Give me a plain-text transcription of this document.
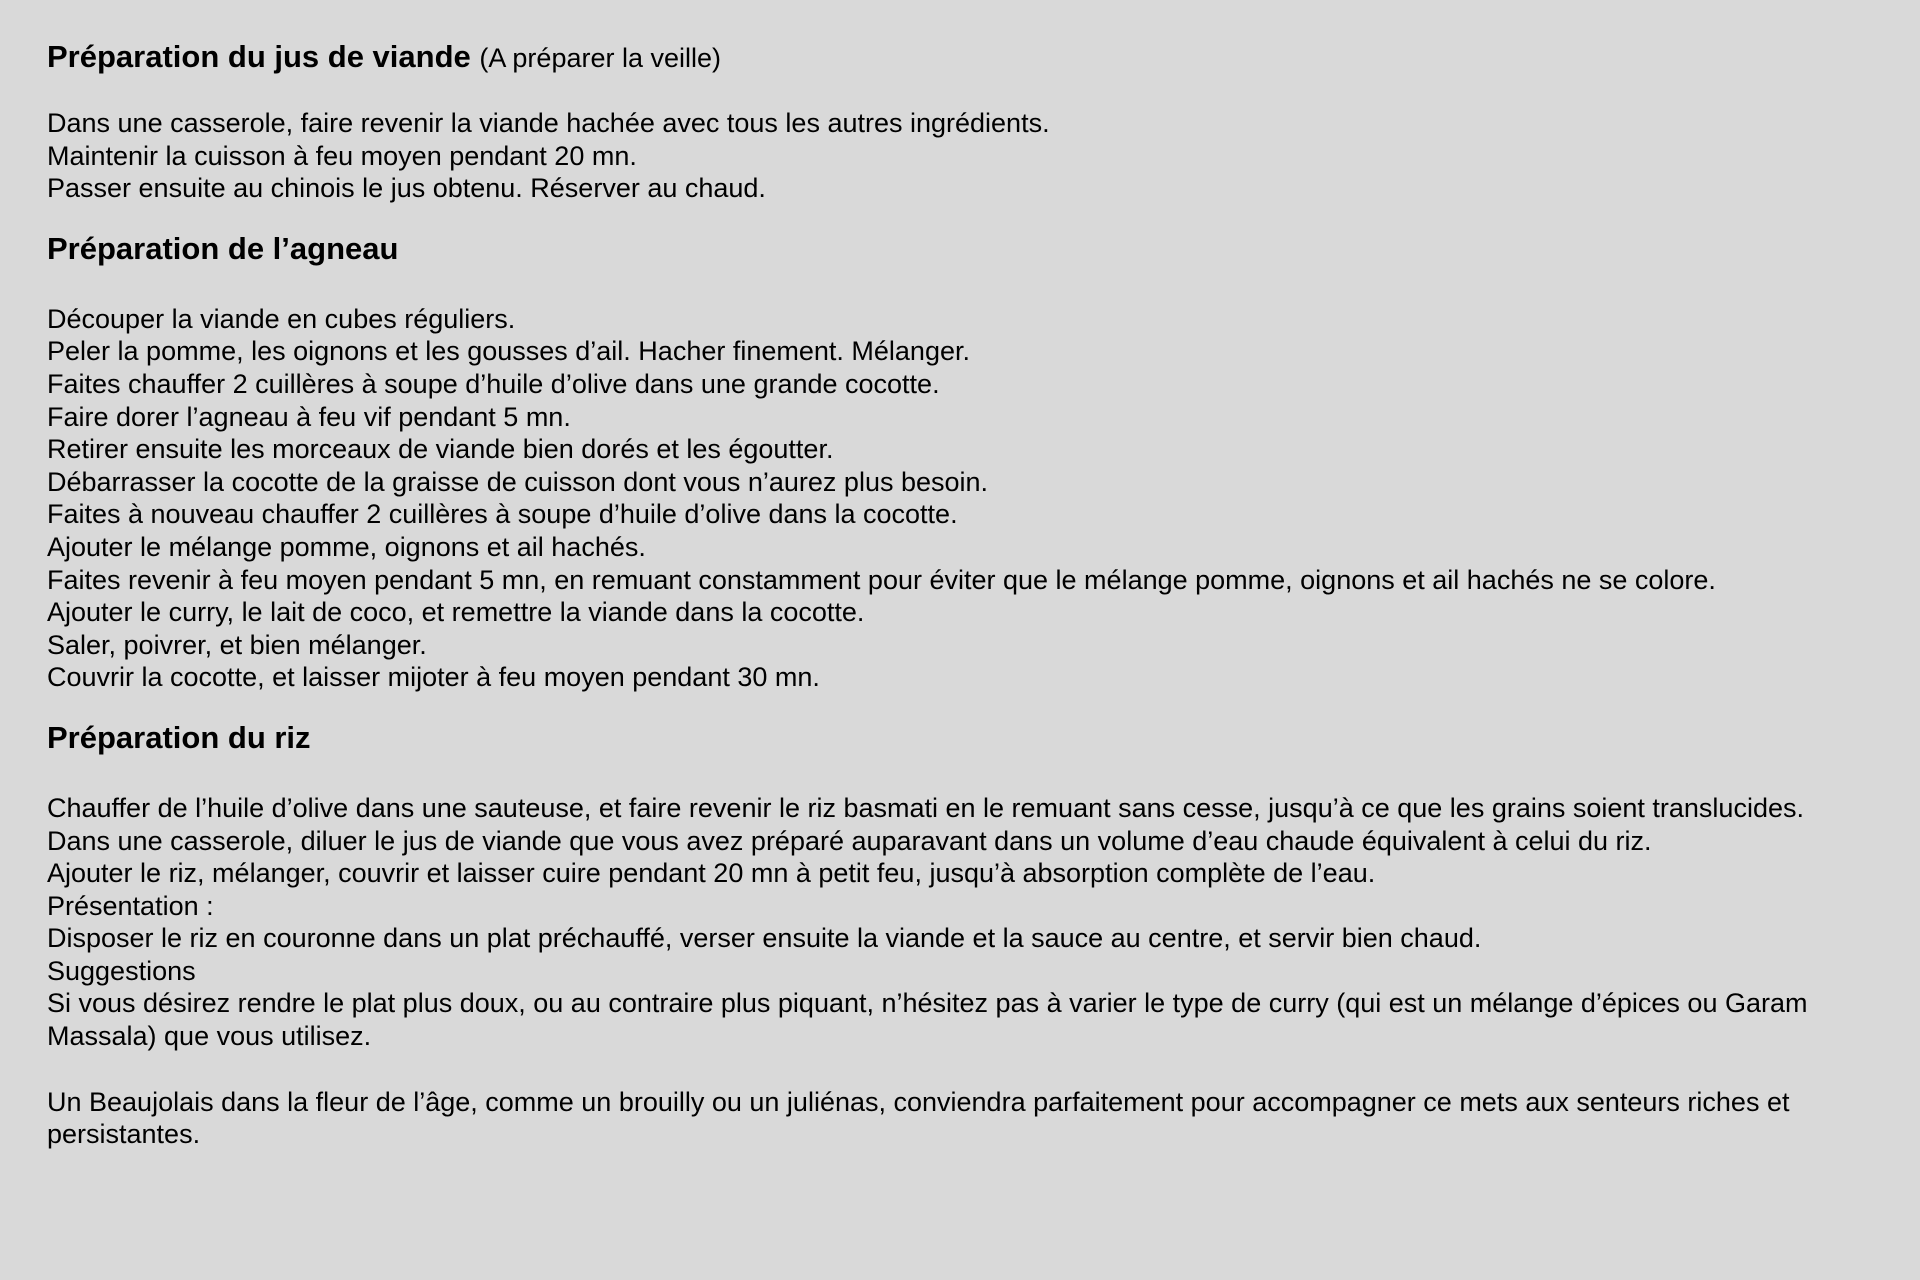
Préparation du jus de viande (A préparer la veille)

Dans une casserole, faire revenir la viande hachée avec tous les autres ingrédients.

Maintenir la cuisson à feu moyen pendant 20 mn.

Passer ensuite au chinois le jus obtenu. Réserver au chaud.

Préparation de l’agneau

Découper la viande en cubes réguliers.

Peler la pomme, les oignons et les gousses d’ail. Hacher finement. Mélanger.

Faites chauffer 2 cuillères à soupe d’huile d’olive dans une grande cocotte.

Faire dorer l’agneau à feu vif pendant 5 mn.

Retirer ensuite les morceaux de viande bien dorés et les égoutter.

Débarrasser la cocotte de la graisse de cuisson dont vous n’aurez plus besoin.

Faites à nouveau chauffer 2 cuillères à soupe d’huile d’olive dans la cocotte.

Ajouter le mélange pomme, oignons et ail hachés.

Faites revenir à feu moyen pendant 5 mn, en remuant constamment pour éviter que le mélange pomme, oignons et ail hachés ne se colore.

Ajouter le curry, le lait de coco, et remettre la viande dans la cocotte.

Saler, poivrer, et bien mélanger.

Couvrir la cocotte, et laisser mijoter à feu moyen pendant 30 mn.

Préparation du riz

Chauffer de l’huile d’olive dans une sauteuse, et faire revenir le riz basmati en le remuant sans cesse, jusqu’à ce que les grains soient translucides.

Dans une casserole, diluer le jus de viande que vous avez préparé auparavant dans un volume d’eau chaude équivalent à celui du riz.

Ajouter le riz, mélanger, couvrir et laisser cuire pendant 20 mn à petit feu, jusqu’à absorption complète de l’eau.

Présentation :

Disposer le riz en couronne dans un plat préchauffé, verser ensuite la viande et la sauce au centre, et servir bien chaud.

Suggestions

Si vous désirez rendre le plat plus doux, ou au contraire plus piquant, n’hésitez pas à varier le type de curry (qui est un mélange d’épices ou Garam Massala) que vous utilisez.

Un Beaujolais dans la fleur de l’âge, comme un brouilly ou un juliénas, conviendra parfaitement pour accompagner ce mets aux senteurs riches et persistantes.
